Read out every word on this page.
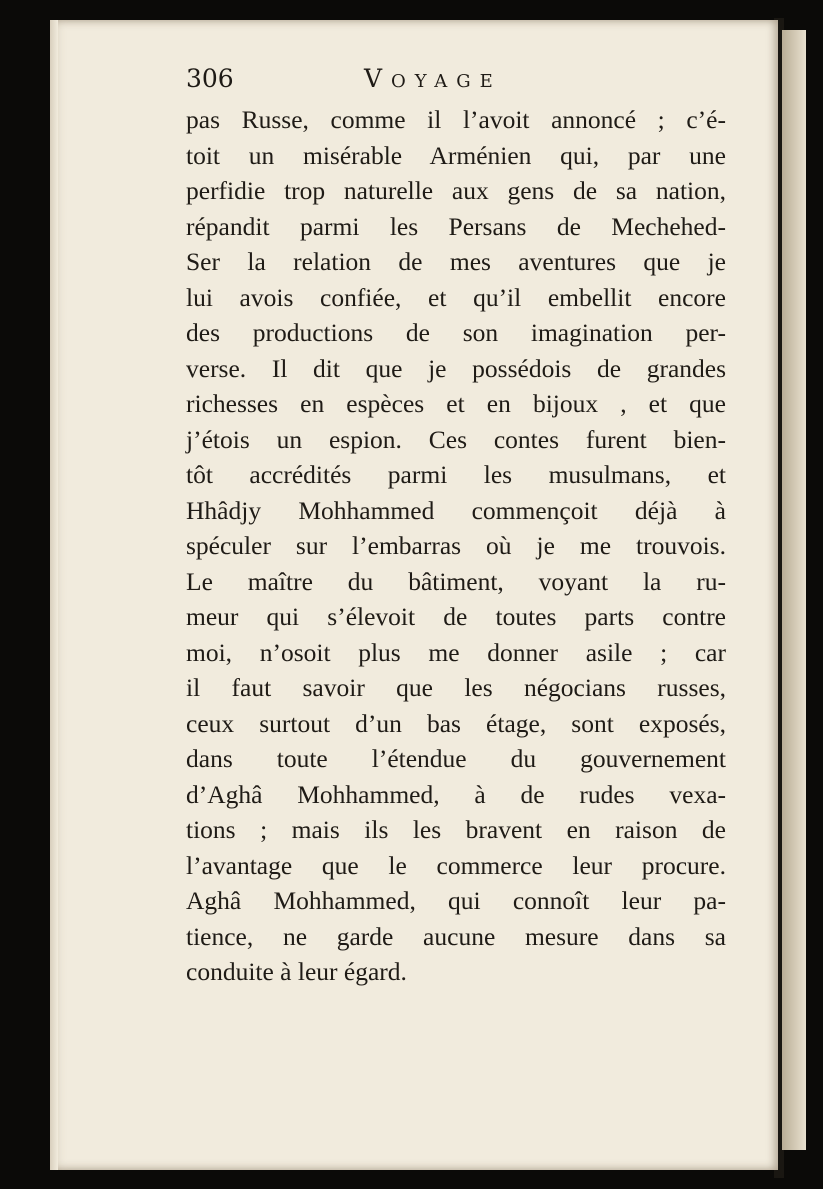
306	Voyage
pas Russe, comme il l’avoit annoncé ; c’é-
toit un misérable Arménien qui, par une
perfidie trop naturelle aux gens de sa nation,
répandit parmi les Persans de Mechehed-
Ser la relation de mes aventures que je
lui avois confiée, et qu’il embellit encore
des productions de son imagination per-
verse. Il dit que je possédois de grandes
richesses en espèces et en bijoux , et que
j’étois un espion. Ces contes furent bien-
tôt accrédités parmi les musulmans, et
Hhâdjy Mohhammed commençoit déjà à
spéculer sur l’embarras où je me trouvois.
Le maître du bâtiment, voyant la ru-
meur qui s’élevoit de toutes parts contre
moi, n’osoit plus me donner asile ; car
il faut savoir que les négocians russes,
ceux surtout d’un bas étage, sont exposés,
dans toute l’étendue du gouvernement
d’Aghâ Mohhammed, à de rudes vexa-
tions ; mais ils les bravent en raison de
l’avantage que le commerce leur procure.
Aghâ Mohhammed, qui connoît leur pa-
tience, ne garde aucune mesure dans sa
conduite à leur égard.
